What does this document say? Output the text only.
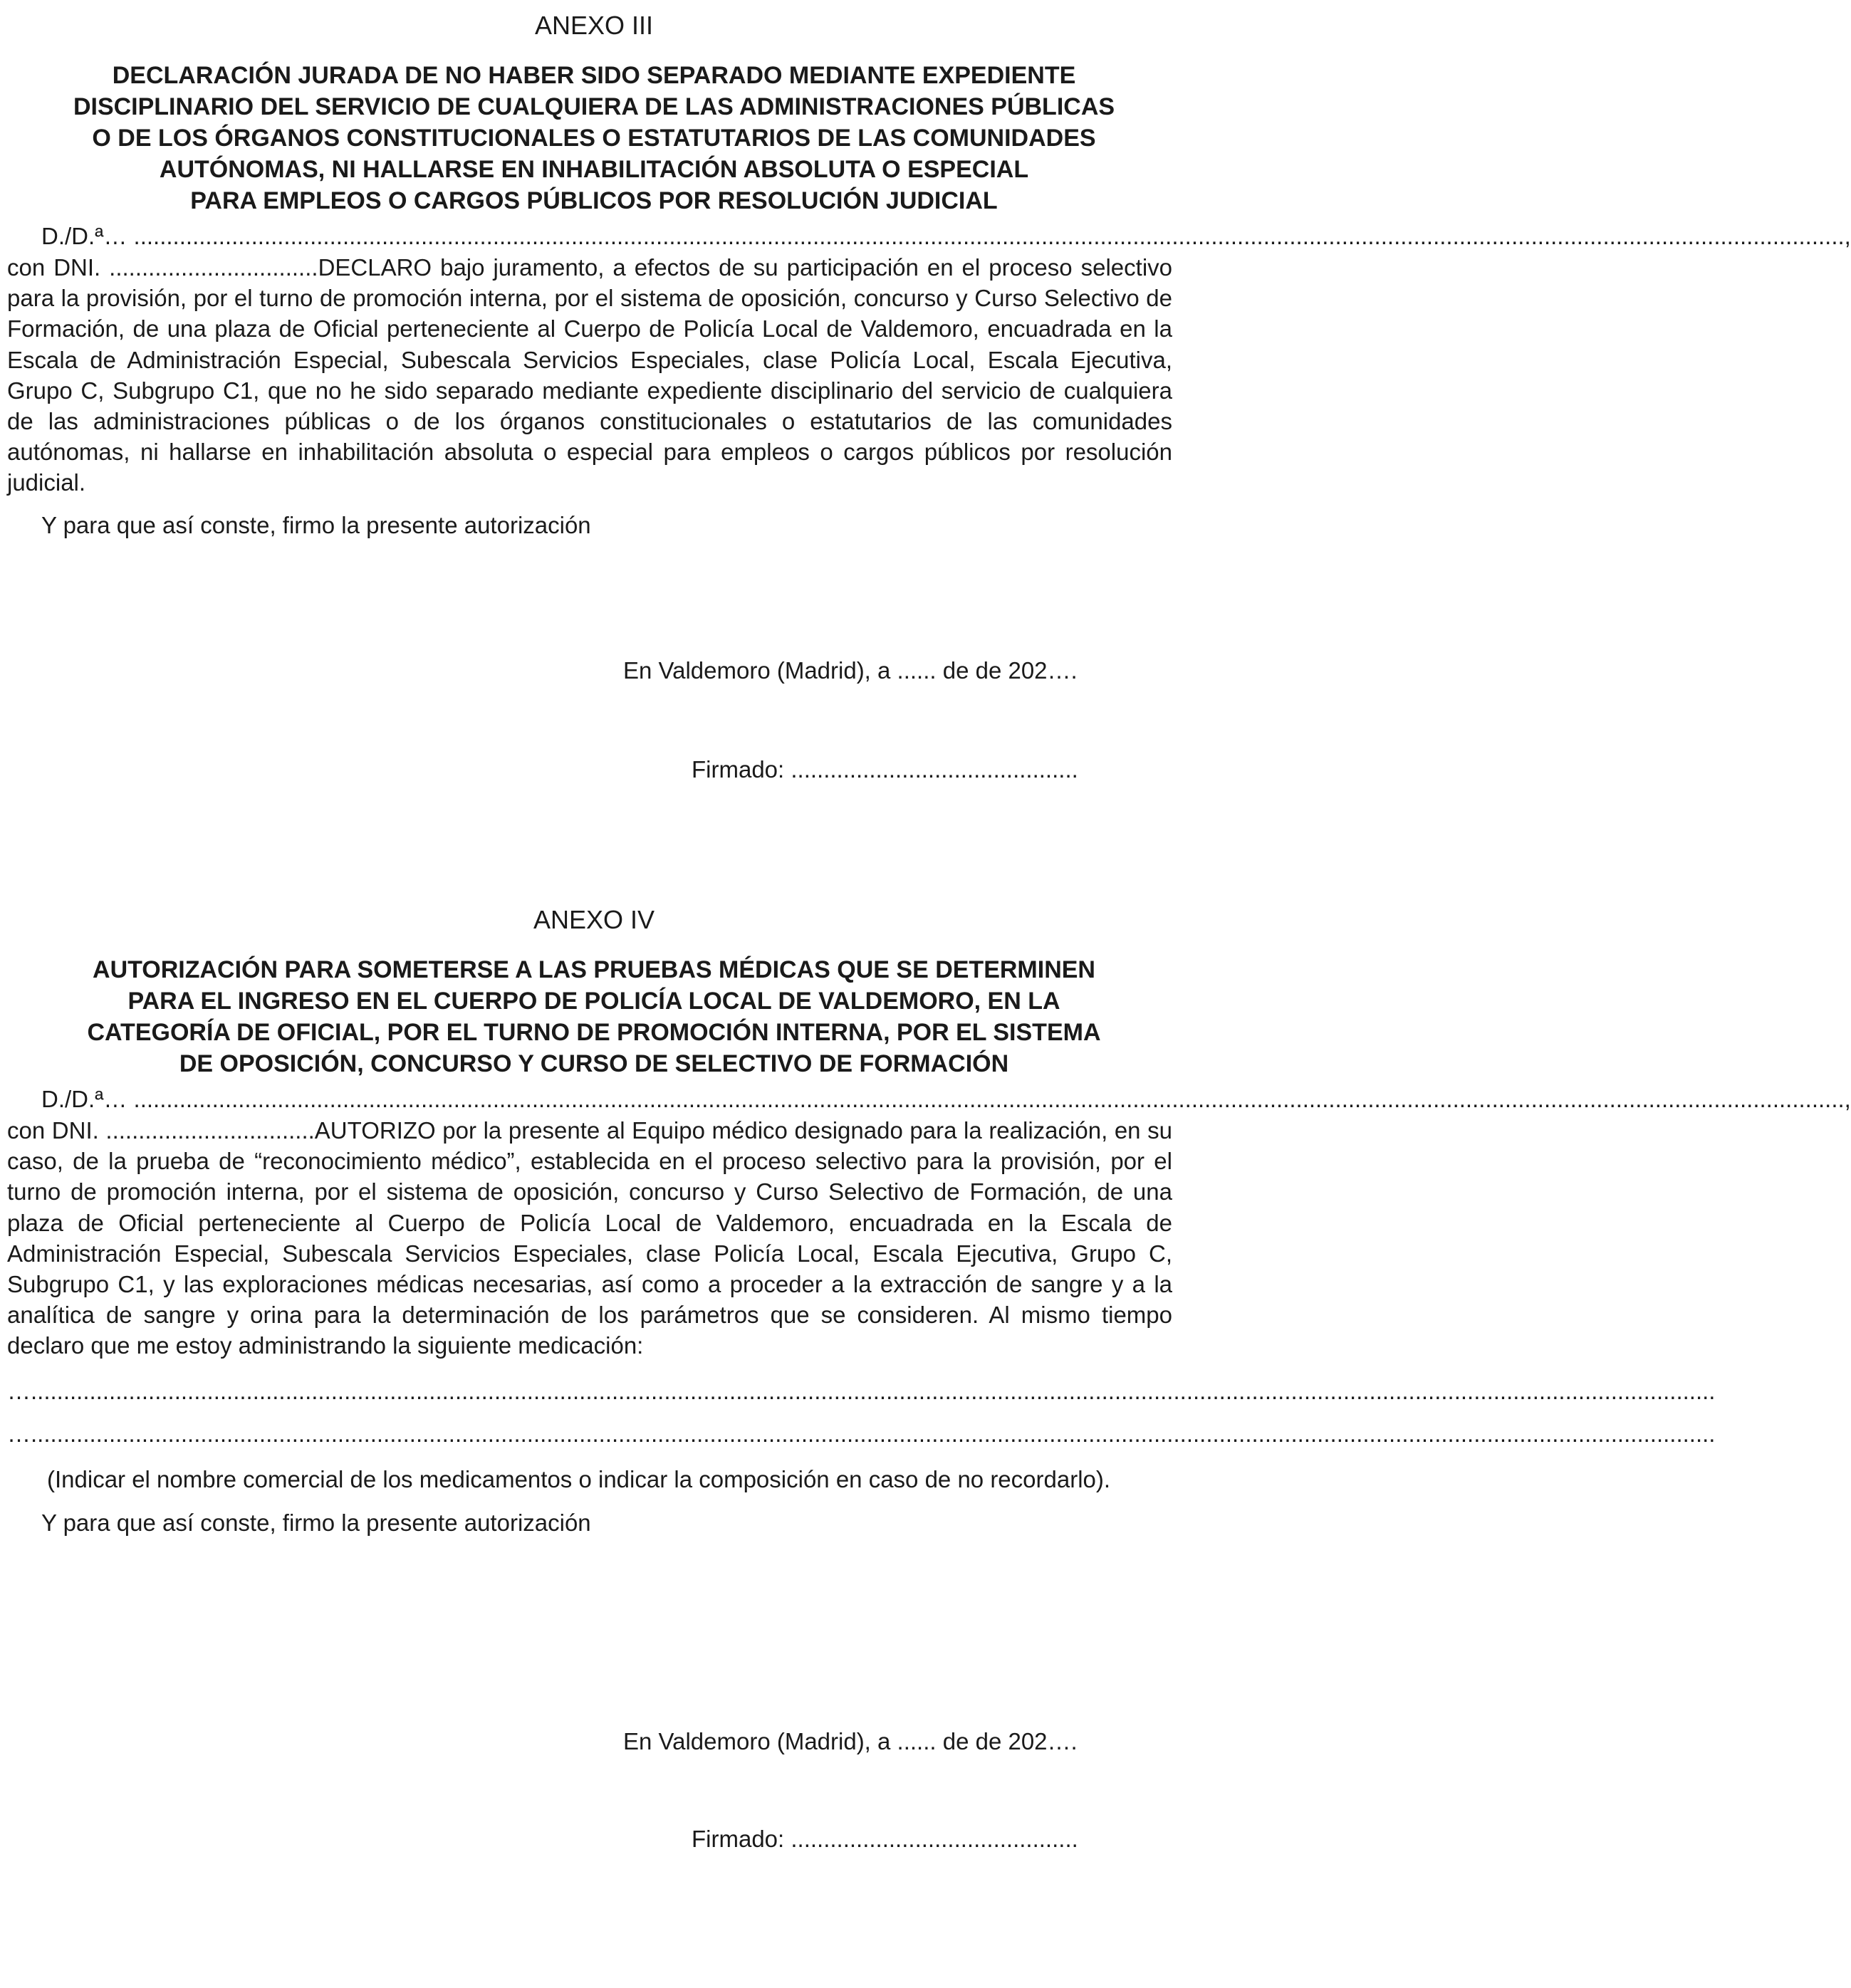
ANEXO III

DECLARACIÓN JURADA DE NO HABER SIDO SEPARADO MEDIANTE EXPEDIENTE
DISCIPLINARIO DEL SERVICIO DE CUALQUIERA DE LAS ADMINISTRACIONES PÚBLICAS
O DE LOS ÓRGANOS CONSTITUCIONALES O ESTATUTARIOS DE LAS COMUNIDADES
AUTÓNOMAS, NI HALLARSE EN INHABILITACIÓN ABSOLUTA O ESPECIAL
PARA EMPLEOS O CARGOS PÚBLICOS POR RESOLUCIÓN JUDICIAL

D./D.ª… ......................................................................................................................................................................................................................................................................,

con DNI. ................................DECLARO bajo juramento, a efectos de su participación en el proceso selectivo para la provisión, por el turno de promoción interna, por el sistema de oposición, concurso y Curso Selectivo de Formación, de una plaza de Oficial perteneciente al Cuerpo de Policía Local de Valdemoro, encuadrada en la Escala de Administración Especial, Subescala Servicios Especiales, clase Policía Local, Escala Ejecutiva, Grupo C, Subgrupo C1, que no he sido separado mediante expediente disciplinario del servicio de cualquiera de las administraciones públicas o de los órganos constitucionales o estatutarios de las comunidades autónomas, ni hallarse en inhabilitación absoluta o especial para empleos o cargos públicos por resolución judicial.

Y para que así conste, firmo la presente autorización

En Valdemoro (Madrid), a ...... de de 202….

Firmado: ............................................

ANEXO IV

AUTORIZACIÓN PARA SOMETERSE A LAS PRUEBAS MÉDICAS QUE SE DETERMINEN
PARA EL INGRESO EN EL CUERPO DE POLICÍA LOCAL DE VALDEMORO, EN LA
CATEGORÍA DE OFICIAL, POR EL TURNO DE PROMOCIÓN INTERNA, POR EL SISTEMA
DE OPOSICIÓN, CONCURSO Y CURSO DE SELECTIVO DE FORMACIÓN

D./D.ª… ......................................................................................................................................................................................................................................................................,

con DNI. ................................AUTORIZO por la presente al Equipo médico designado para la realización, en su caso, de la prueba de “reconocimiento médico”, establecida en el proceso selectivo para la provisión, por el turno de promoción interna, por el sistema de oposición, concurso y Curso Selectivo de Formación, de una plaza de Oficial perteneciente al Cuerpo de Policía Local de Valdemoro, encuadrada en la Escala de Administración Especial, Subescala Servicios Especiales, clase Policía Local, Escala Ejecutiva, Grupo C, Subgrupo C1, y las exploraciones médicas necesarias, así como a proceder a la extracción de sangre y a la analítica de sangre y orina para la determinación de los parámetros que se consideren. Al mismo tiempo declaro que me estoy administrando la siguiente medicación:

…..................................................................................................................................................................................................................................................................

…..................................................................................................................................................................................................................................................................

(Indicar el nombre comercial de los medicamentos o indicar la composición en caso de no recordarlo).

Y para que así conste, firmo la presente autorización

En Valdemoro (Madrid), a ...... de de 202….

Firmado: ............................................
